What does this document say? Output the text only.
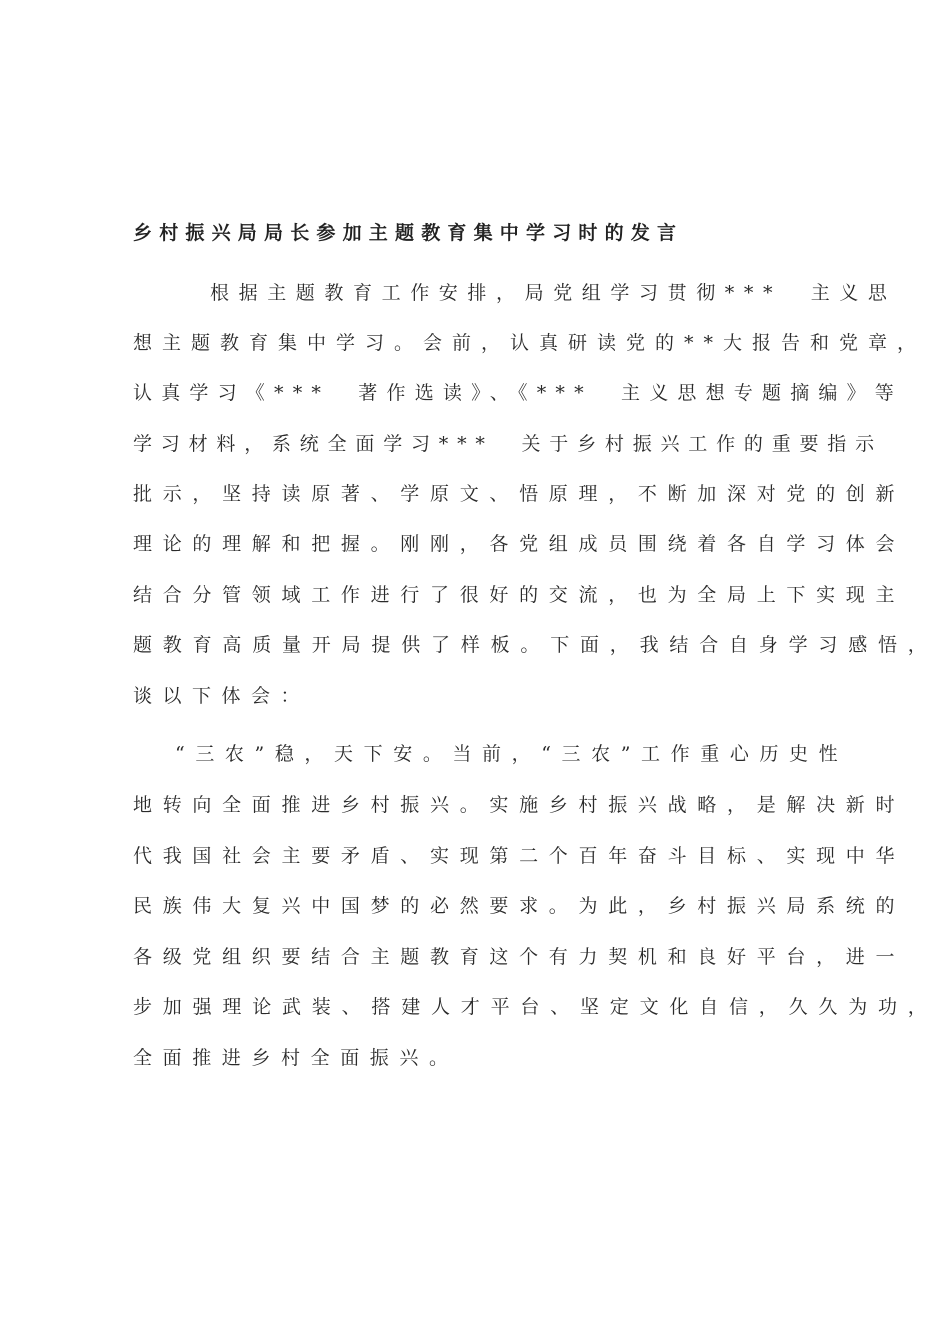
乡村振兴局局长参加主题教育集中学习时的发言
根据主题教育工作安排，局党组学习贯彻***　主义思
想主题教育集中学习。会前，认真研读党的**大报告和党章，
认真学习《***　著作选读》、《***　主义思想专题摘编》等
学习材料，系统全面学习***　关于乡村振兴工作的重要指示
批示，坚持读原著、学原文、悟原理，不断加深对党的创新
理论的理解和把握。刚刚，各党组成员围绕着各自学习体会
结合分管领域工作进行了很好的交流，也为全局上下实现主
题教育高质量开局提供了样板。下面，我结合自身学习感悟，
谈以下体会：
“三农”稳，天下安。当前，“三农”工作重心历史性
地转向全面推进乡村振兴。实施乡村振兴战略，是解决新时
代我国社会主要矛盾、实现第二个百年奋斗目标、实现中华
民族伟大复兴中国梦的必然要求。为此，乡村振兴局系统的
各级党组织要结合主题教育这个有力契机和良好平台，进一
步加强理论武装、搭建人才平台、坚定文化自信，久久为功，
全面推进乡村全面振兴。
